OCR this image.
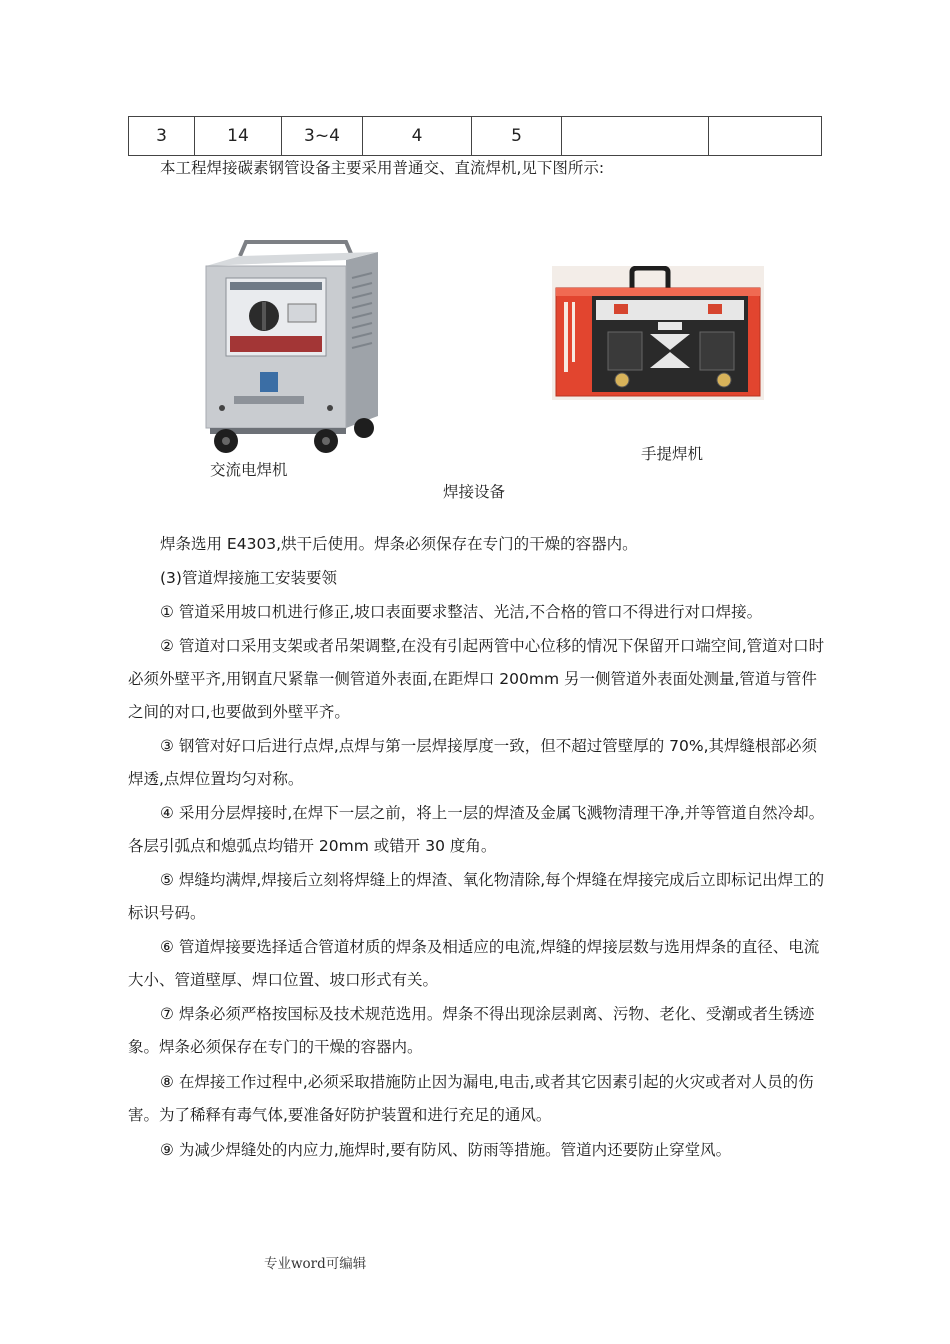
3	14	3~4	4	5		
本工程焊接碳素钢管设备主要采用普通交、直流焊机,见下图所示:
交流电焊机
手提焊机
焊接设备
焊条选用 E4303,烘干后使用。焊条必须保存在专门的干燥的容器内。
(3)管道焊接施工安装要领
① 管道采用坡口机进行修正,坡口表面要求整洁、光洁,不合格的管口不得进行对口焊接。
② 管道对口采用支架或者吊架调整,在没有引起两管中心位移的情况下保留开口端空间,管道对口时必须外壁平齐,用钢直尺紧靠一侧管道外表面,在距焊口 200mm 另一侧管道外表面处测量,管道与管件之间的对口,也要做到外壁平齐。
③ 钢管对好口后进行点焊,点焊与第一层焊接厚度一致，但不超过管壁厚的 70%,其焊缝根部必须焊透,点焊位置均匀对称。
④ 采用分层焊接时,在焊下一层之前，将上一层的焊渣及金属飞溅物清理干净,并等管道自然冷却。各层引弧点和熄弧点均错开 20mm 或错开 30 度角。
⑤ 焊缝均满焊,焊接后立刻将焊缝上的焊渣、氧化物清除,每个焊缝在焊接完成后立即标记出焊工的标识号码。
⑥ 管道焊接要选择适合管道材质的焊条及相适应的电流,焊缝的焊接层数与选用焊条的直径、电流大小、管道壁厚、焊口位置、坡口形式有关。
⑦ 焊条必须严格按国标及技术规范选用。焊条不得出现涂层剥离、污物、老化、受潮或者生锈迹象。焊条必须保存在专门的干燥的容器内。
⑧ 在焊接工作过程中,必须采取措施防止因为漏电,电击,或者其它因素引起的火灾或者对人员的伤害。为了稀释有毒气体,要准备好防护装置和进行充足的通风。
⑨ 为减少焊缝处的内应力,施焊时,要有防风、防雨等措施。管道内还要防止穿堂风。
专业word可编辑
